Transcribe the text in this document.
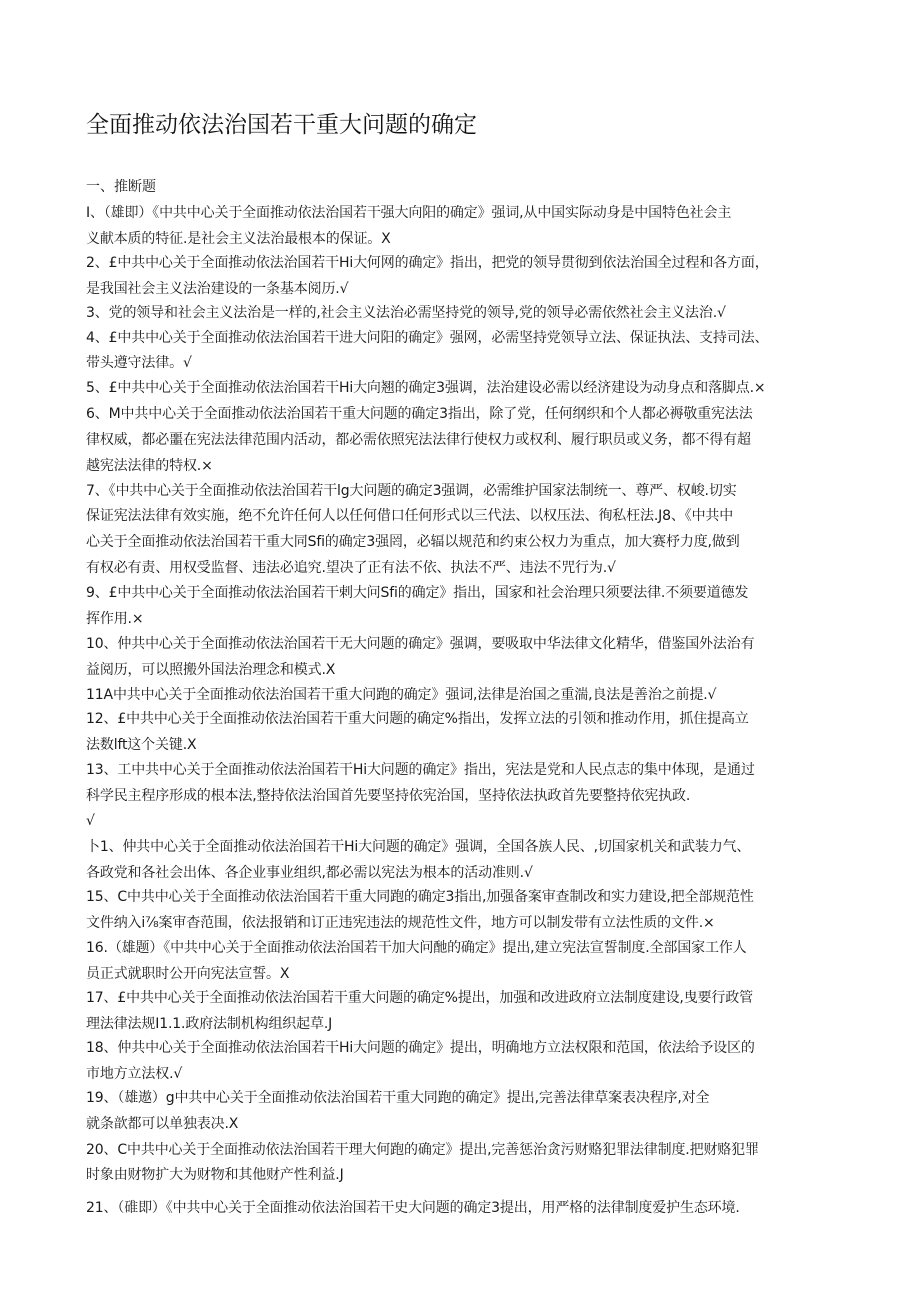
全面推动依法治国若干重大问题的确定
一、推断题
I、（雄即）《中共中心关于全面推动依法治国若干强大向阳的确定》强词,从中国实际动身是中国特色社会主
义献本质的特征.是社会主义法治最根本的保证。X
2、£中共中心关于全面推动依法治国若干Hi大何网的确定》指出，把党的领导贯彻到依法治国全过程和各方面，
是我国社会主义法治建设的一条基本阅历.√
3、党的领导和社会主义法治是一样的,社会主义法治必需坚持党的领导,党的领导必需依然社会主义法治.√
4、£中共中心关于全面推动依法治国若干进大问阳的确定》强网，必需坚持党领导立法、保证执法、支持司法、
带头遵守法律。√
5、£中共中心关于全面推动依法治国若干Hi大向翘的确定3强调，法治建设必需以经济建设为动身点和落脚点.×
6、M中共中心关于全面推动依法治国若干重大问题的确定3指出，除了党，任何纲织和个人都必褥敬重宪法法
律权威，都必噩在宪法法律范围内活动，都必需依照宪法法律行使权力或权利、履行职员或义务，都不得有超
越宪法法律的特权.×
7、《中共中心关于全面推动依法治国若干lg大问题的确定3强调，必需维护国家法制统一、尊严、权峻.切实
保证宪法法律有效实施，绝不允许任何人以任何借口任何形式以三代法、以权压法、徇私枉法.J8、《中共中
心关于全面推动依法治国若干重大同Sfi的确定3强罔，必辐以规范和约束公权力为重点，加大赛杼力度,做到
有权必有责、用权受监督、违法必追究.望决了正有法不依、执法不严、违法不咒行为.√
9、£中共中心关于全面推动依法治国若干剌大问Sfi的确定》指出，国家和社会治理只须要法律.不须要道德发
挥作用.×
10、仲共中心关于全面推动依法治国若干无大问题的确定》强调，要吸取中华法律文化精华，借鉴国外法治有
益阅历，可以照搬外国法治理念和模式.X
11A中共中心关于全面推动依法治国若干重大问跑的确定》强词,法律是治国之重湍,良法是善治之前提.√
12、£中共中心关于全面推动依法治国若干重大问题的确定%指出，发挥立法的引领和推动作用，抓住提高立
法数lft这个关键.X
13、工中共中心关于全面推动依法治国若干Hi大问题的确定》指出，宪法是党和人民点志的集中体现，是通过
科学民主程序形成的根本法,整持依法治国首先要坚持依宪治国，坚持依法执政首先要整持依宪执政.
√
卜1、仲共中心关于全面推动依法治国若干Hi大问题的确定》强调，全国各族人民、,切国家机关和武装力气、
各政党和各社会出体、各企业事业组织,都必需以宪法为根本的活动准则.√
15、C中共中心关于全面推动依法治国若干重大同跑的确定3指出,加强备案审查制改和实力建设,把全部规范性
文件纳入i⅞案审杳范围，依法报销和订正违宪违法的规范性文件，地方可以制发带有立法性质的文件.×
16.（雄题）《中共中心关于全面推动依法治国若干加大问酏的确定》提出,建立宪法宣誓制度.全部国家工作人
员正式就职时公开向宪法宣誓。X
17、£中共中心关于全面推动依法治国若干重大问题的确定%提出，加强和改进政府立法制度建设,曳要行政管
理法律法规I1.1.政府法制机构组织起草.J
18、仲共中心关于全面推动依法治国若干Hi大问题的确定》提出，明确地方立法权限和范国，依法给予设区的
市地方立法权.√
19、（雄遨）g中共中心关于全面推动依法治国若干重大同跑的确定》提出,完善法律草案表决程序,对全
就条歆都可以单独表决.X
20、C中共中心关于全面推动依法治国若干理大何跑的确定》提出,完善惩治贪污财赂犯罪法律制度.把财赂犯罪
时象由财物扩大为财物和其他财产性利益.J
21、（碓即）《中共中心关于全面推动依法治国若干史大问题的确定3提出，用严格的法律制度爱护生态环境.
